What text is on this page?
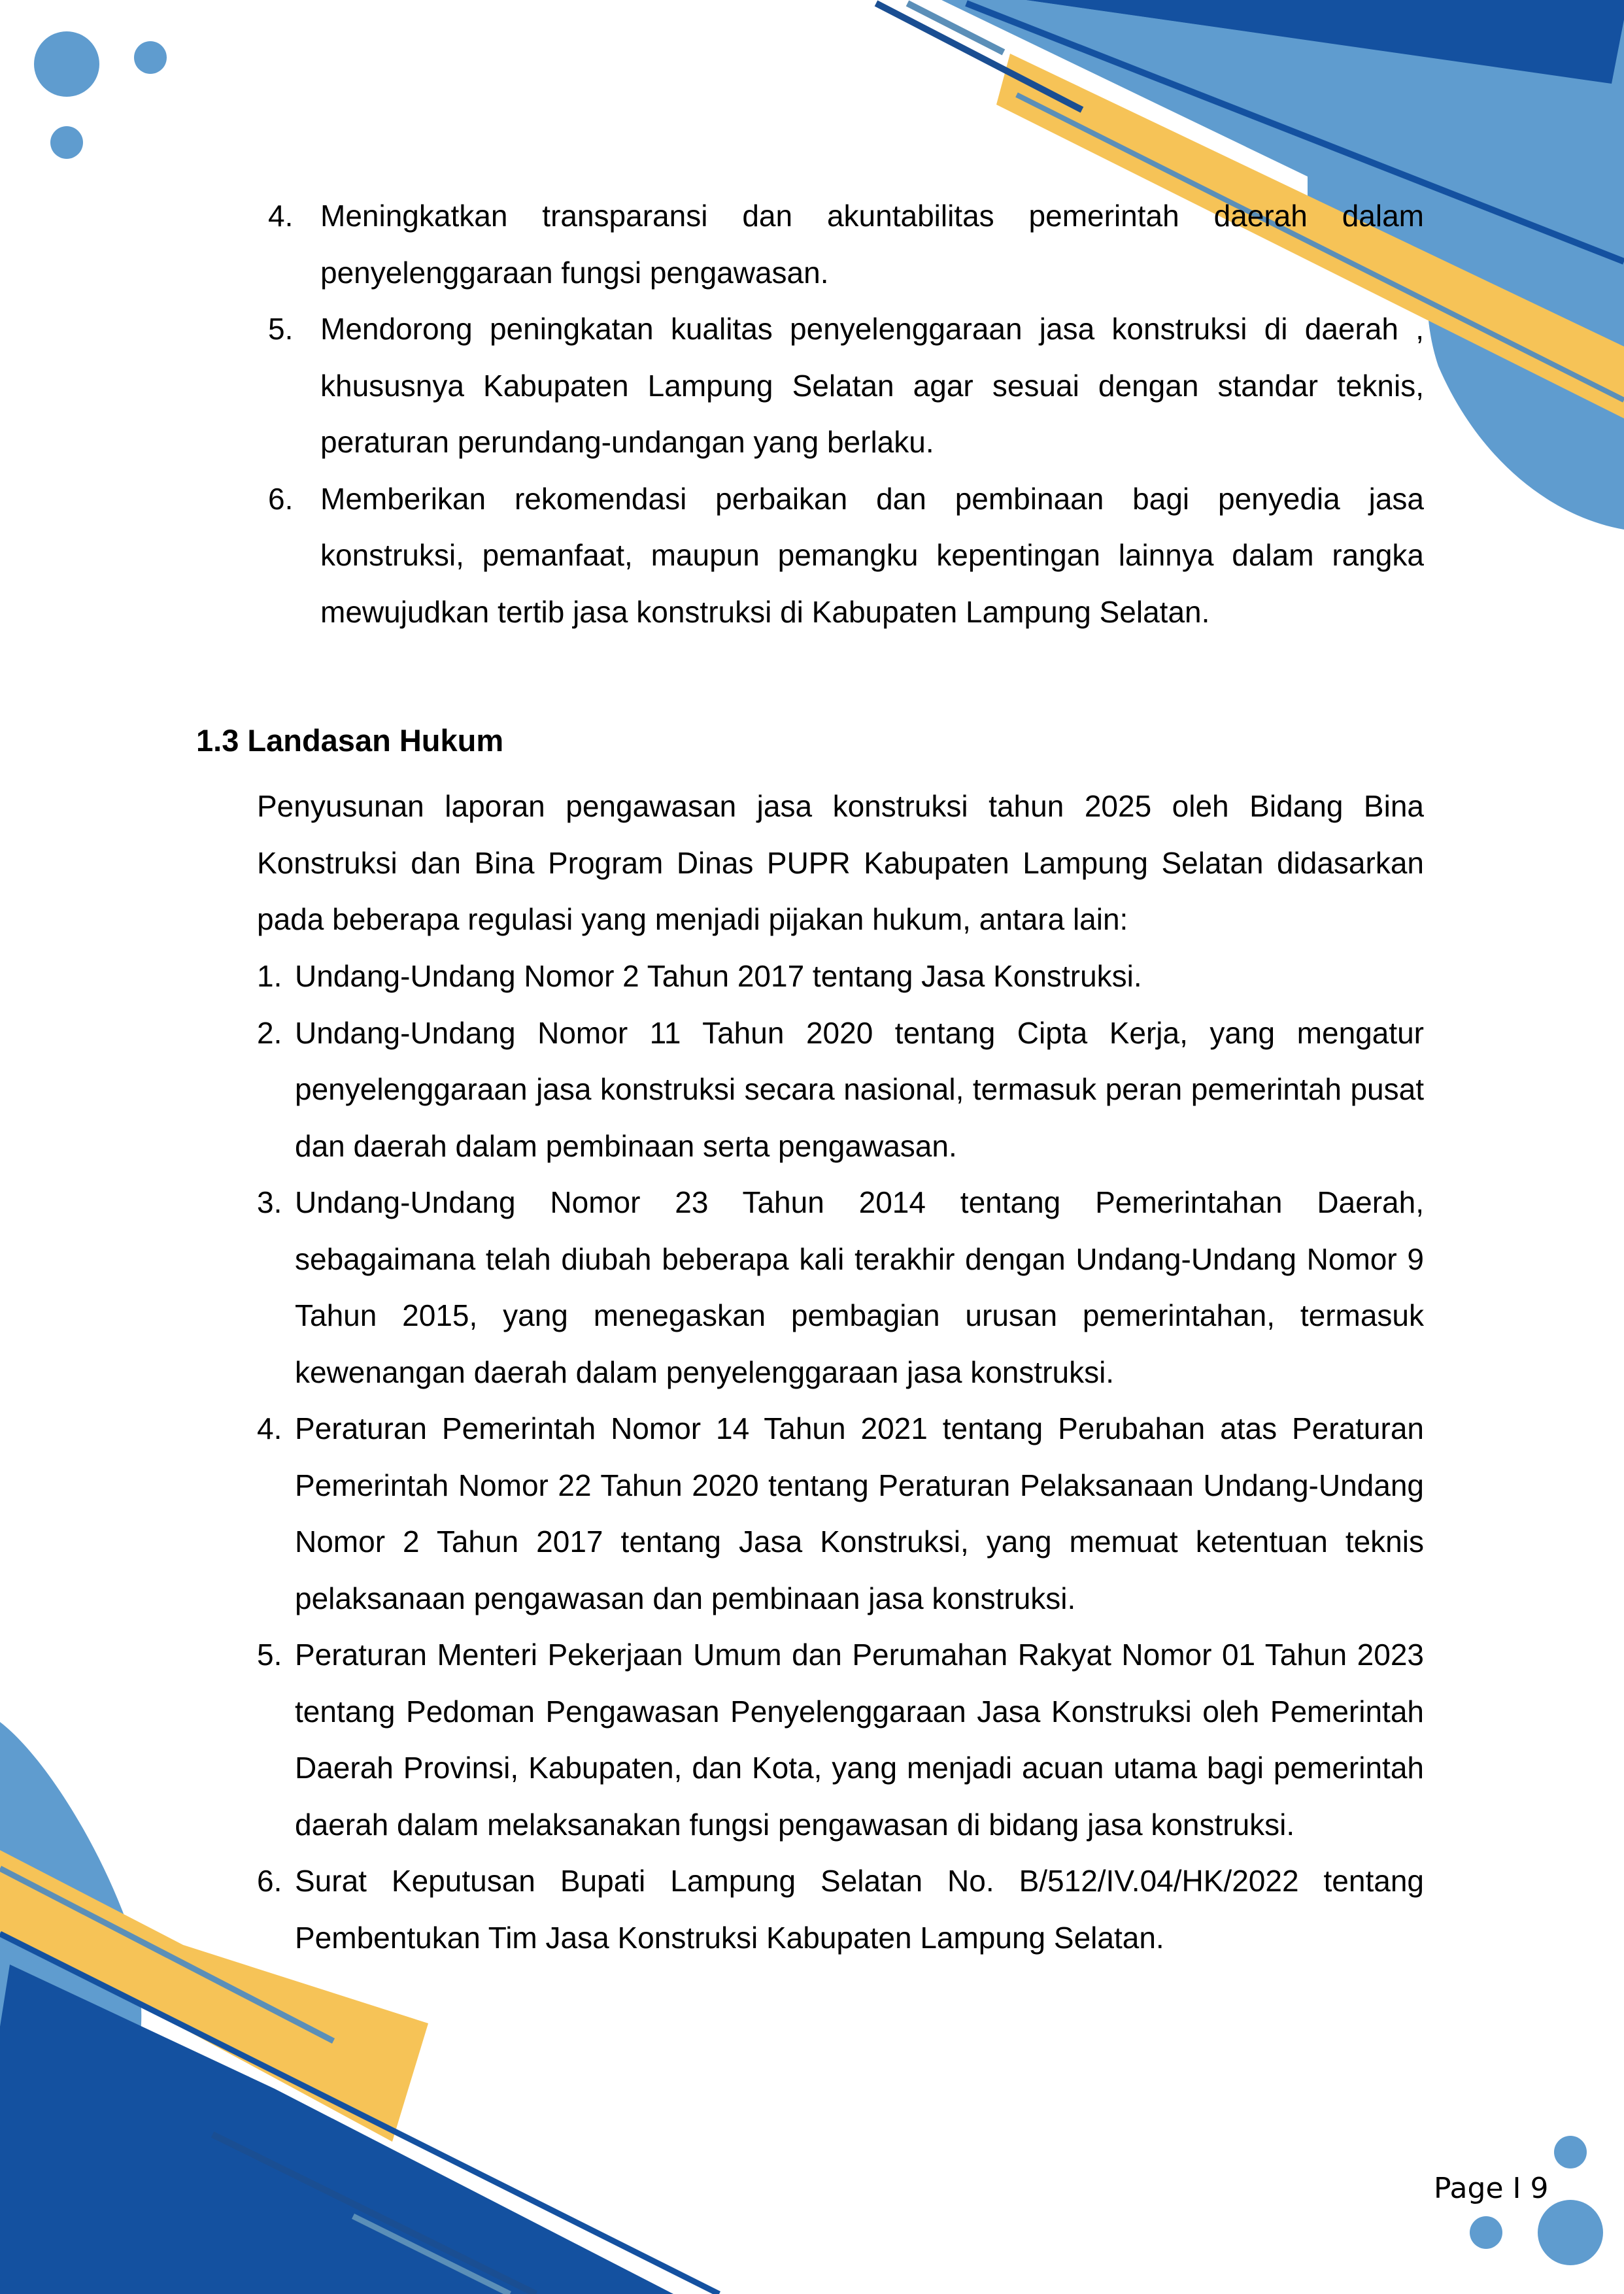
4. Meningkatkan transparansi dan akuntabilitas pemerintah daerah dalam penyelenggaraan fungsi pengawasan.
5. Mendorong peningkatan kualitas penyelenggaraan jasa konstruksi di daerah , khususnya Kabupaten Lampung Selatan agar sesuai dengan standar teknis, peraturan perundang-undangan yang berlaku.
6. Memberikan rekomendasi perbaikan dan pembinaan bagi penyedia jasa konstruksi, pemanfaat, maupun pemangku kepentingan lainnya dalam rangka mewujudkan tertib jasa konstruksi di Kabupaten Lampung Selatan.
1.3 Landasan Hukum
Penyusunan laporan pengawasan jasa konstruksi tahun 2025 oleh Bidang Bina Konstruksi dan Bina Program Dinas PUPR Kabupaten Lampung Selatan didasarkan pada beberapa regulasi yang menjadi pijakan hukum, antara lain:
1. Undang-Undang Nomor 2 Tahun 2017 tentang Jasa Konstruksi.
2. Undang-Undang Nomor 11 Tahun 2020 tentang Cipta Kerja, yang mengatur penyelenggaraan jasa konstruksi secara nasional, termasuk peran pemerintah pusat dan daerah dalam pembinaan serta pengawasan.
3. Undang-Undang Nomor 23 Tahun 2014 tentang Pemerintahan Daerah, sebagaimana telah diubah beberapa kali terakhir dengan Undang-Undang Nomor 9 Tahun 2015, yang menegaskan pembagian urusan pemerintahan, termasuk kewenangan daerah dalam penyelenggaraan jasa konstruksi.
4. Peraturan Pemerintah Nomor 14 Tahun 2021 tentang Perubahan atas Peraturan Pemerintah Nomor 22 Tahun 2020 tentang Peraturan Pelaksanaan Undang-Undang Nomor 2 Tahun 2017 tentang Jasa Konstruksi, yang memuat ketentuan teknis pelaksanaan pengawasan dan pembinaan jasa konstruksi.
5. Peraturan Menteri Pekerjaan Umum dan Perumahan Rakyat Nomor 01 Tahun 2023 tentang Pedoman Pengawasan Penyelenggaraan Jasa Konstruksi oleh Pemerintah Daerah Provinsi, Kabupaten, dan Kota, yang menjadi acuan utama bagi pemerintah daerah dalam melaksanakan fungsi pengawasan di bidang jasa konstruksi.
6. Surat Keputusan Bupati Lampung Selatan No. B/512/IV.04/HK/2022 tentang Pembentukan Tim Jasa Konstruksi Kabupaten Lampung Selatan.
Page I 9
